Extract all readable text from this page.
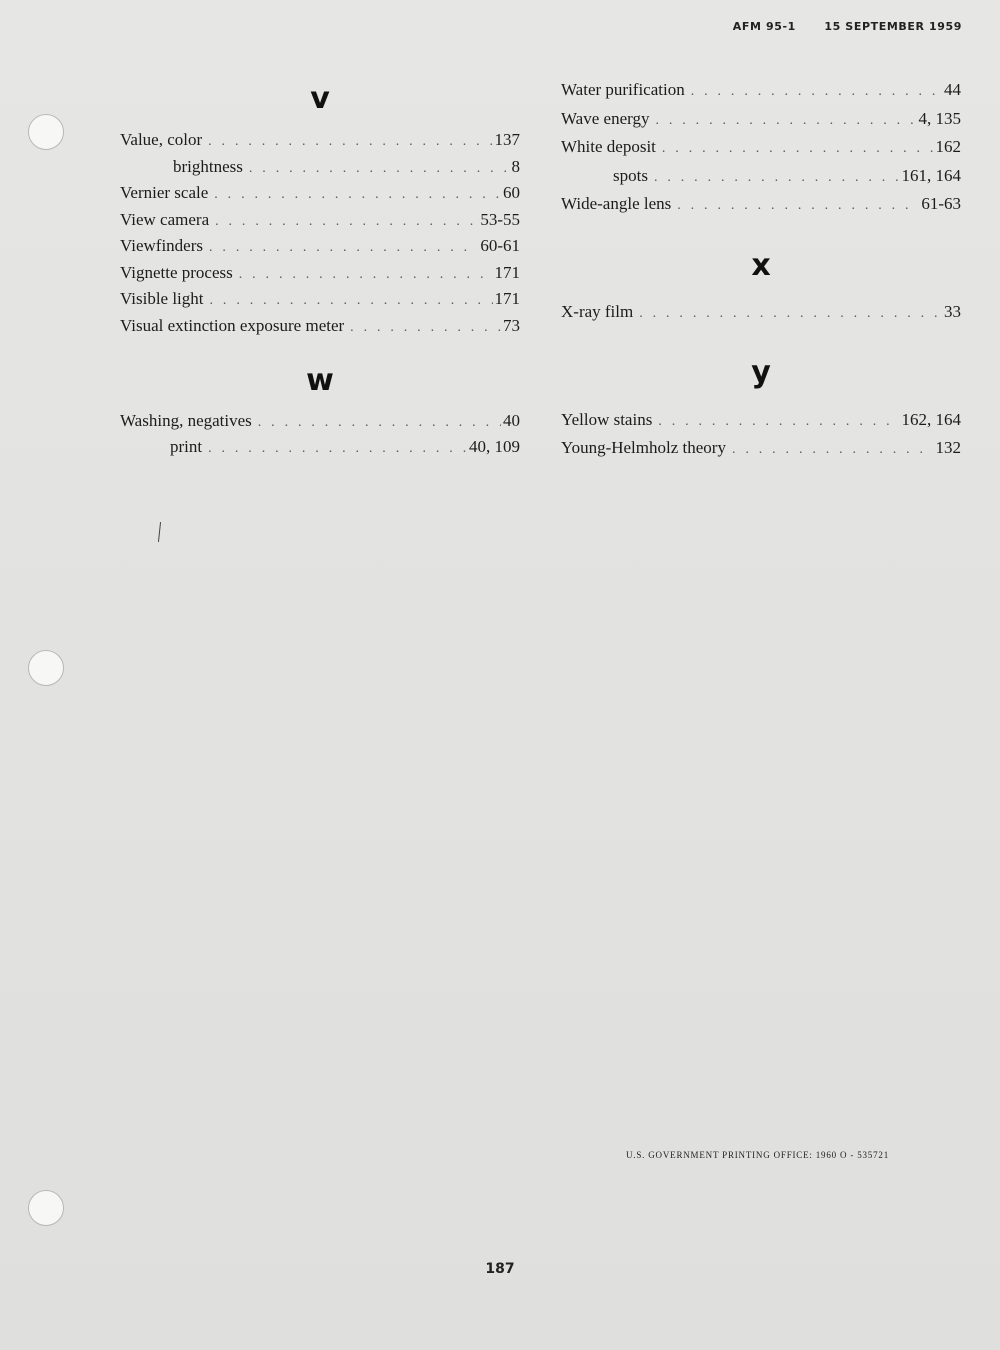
AFM 95-1	15 SEPTEMBER 1959
v
Value, color . . .	137
brightness . . .	8
Vernier scale . . .	60
View camera . . .	53-55
Viewfinders . . .	60-61
Vignette process . . .	171
Visible light . . .	171
Visual extinction exposure meter . . .	73
w
Washing, negatives . . .	40
print . . .	40, 109
Water purification . . .	44
Wave energy . . .	4, 135
White deposit . . .	162
spots . . .	161, 164
Wide-angle lens . . .	61-63
x
X-ray film . . .	33
y
Yellow stains . . .	162, 164
Young-Helmholz theory . . .	132
U.S. GOVERNMENT PRINTING OFFICE: 1960 O - 535721
187
